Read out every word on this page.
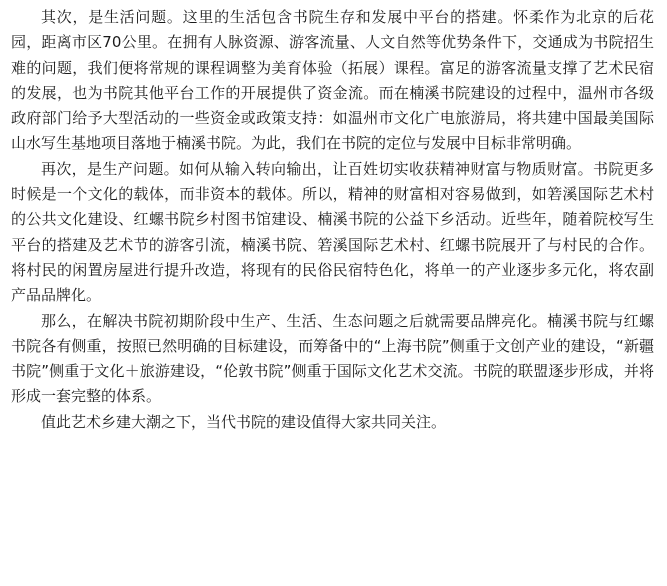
其次，是生活问题。这里的生活包含书院生存和发展中平台的搭建。怀柔作为北京的后花园，距离市区70公里。在拥有人脉资源、游客流量、人文自然等优势条件下，交通成为书院招生难的问题，我们便将常规的课程调整为美育体验（拓展）课程。富足的游客流量支撑了艺术民宿的发展，也为书院其他平台工作的开展提供了资金流。而在楠溪书院建设的过程中，温州市各级政府部门给予大型活动的一些资金或政策支持：如温州市文化广电旅游局，将共建中国最美国际山水写生基地项目落地于楠溪书院。为此，我们在书院的定位与发展中目标非常明确。

再次，是生产问题。如何从输入转向输出，让百姓切实收获精神财富与物质财富。书院更多时候是一个文化的载体，而非资本的载体。所以，精神的财富相对容易做到，如箬溪国际艺术村的公共文化建设、红螺书院乡村图书馆建设、楠溪书院的公益下乡活动。近些年，随着院校写生平台的搭建及艺术节的游客引流，楠溪书院、箬溪国际艺术村、红螺书院展开了与村民的合作。将村民的闲置房屋进行提升改造，将现有的民俗民宿特色化，将单一的产业逐步多元化，将农副产品品牌化。

那么，在解决书院初期阶段中生产、生活、生态问题之后就需要品牌亮化。楠溪书院与红螺书院各有侧重，按照已然明确的目标建设，而筹备中的“上海书院”侧重于文创产业的建设，“新疆书院”侧重于文化＋旅游建设，“伦敦书院”侧重于国际文化艺术交流。书院的联盟逐步形成，并将形成一套完整的体系。

值此艺术乡建大潮之下，当代书院的建设值得大家共同关注。
